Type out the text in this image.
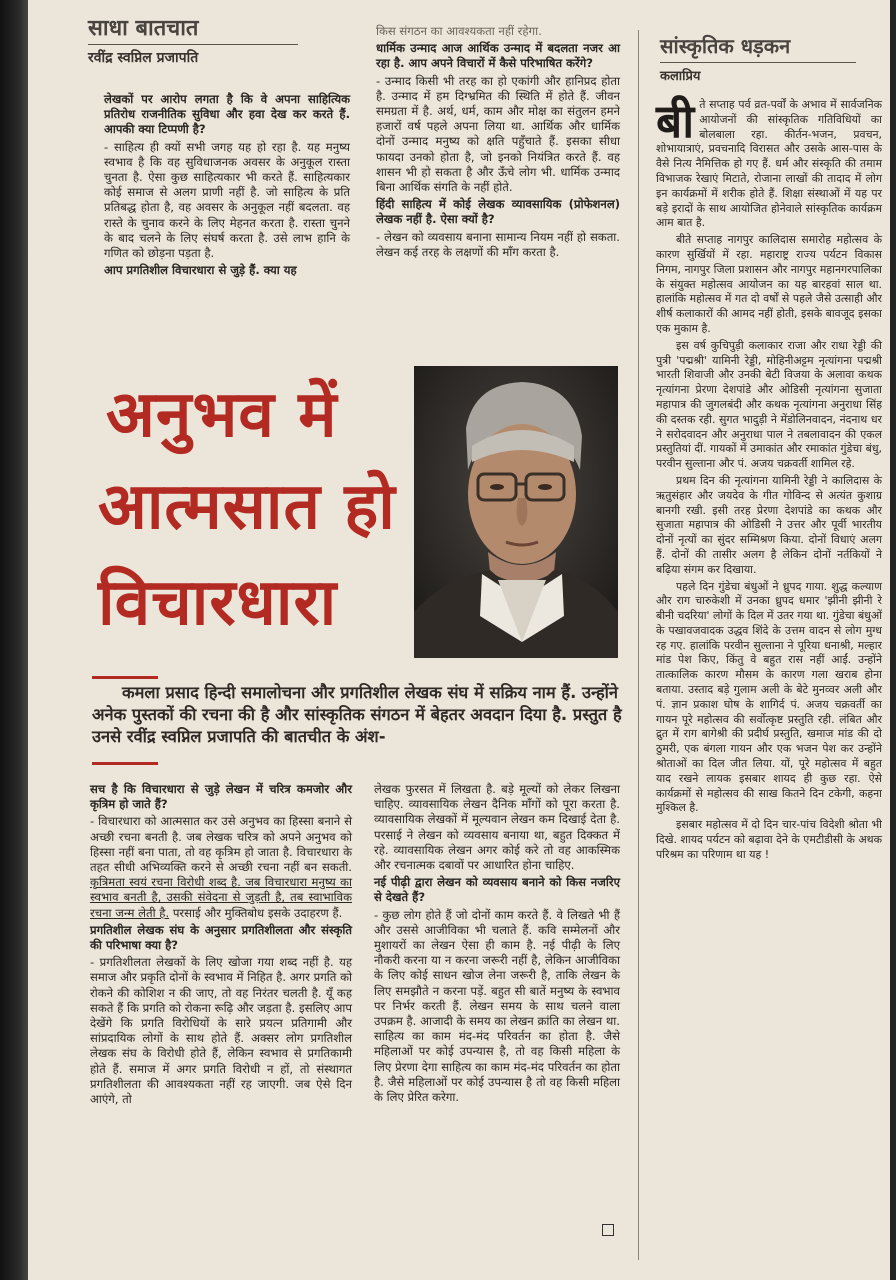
साधा बातचात
रवींद्र स्वप्निल प्रजापति

लेखकों पर आरोप लगता है कि वे अपना साहित्यिक प्रतिरोध राजनीतिक सुविधा और हवा देख कर करते हैं. आपकी क्या टिप्पणी है?

- साहित्य ही क्यों सभी जगह यह हो रहा है. यह मनुष्य स्वभाव है कि वह सुविधाजनक अवसर के अनुकूल रास्ता चुनता है. ऐसा कुछ साहित्यकार भी करते हैं. साहित्यकार कोई समाज से अलग प्राणी नहीं है. जो साहित्य के प्रति प्रतिबद्ध होता है, वह अवसर के अनुकूल नहीं बदलता. वह रास्ते के चुनाव करने के लिए मेहनत करता है. रास्ता चुनने के बाद चलने के लिए संघर्ष करता है. उसे लाभ हानि के गणित को छोड़ना पड़ता है.

आप प्रगतिशील विचारधारा से जुड़े हैं. क्या यह

किस संगठन का आवश्यकता नहीं रहेगा.

धार्मिक उन्माद आज आर्थिक उन्माद में बदलता नजर आ रहा है. आप अपने विचारों में कैसे परिभाषित करेंगे?

- उन्माद किसी भी तरह का हो एकांगी और हानिप्रद होता है. उन्माद में हम दिग्भ्रमित की स्थिति में होते हैं. जीवन समग्रता में है. अर्थ, धर्म, काम और मोक्ष का संतुलन हमने हजारों वर्ष पहले अपना लिया था. आर्थिक और धार्मिक दोनों उन्माद मनुष्य को क्षति पहुँचाते हैं. इसका सीधा फायदा उनको होता है, जो इनको नियंत्रित करते हैं. वह शासन भी हो सकता है और ऊँचे लोग भी. धार्मिक उन्माद बिना आर्थिक संगति के नहीं होते.

हिंदी साहित्य में कोई लेखक व्यावसायिक (प्रोफेशनल) लेखक नहीं है. ऐसा क्यों है?

- लेखन को व्यवसाय बनाना सामान्य नियम नहीं हो सकता. लेखन कई तरह के लक्षणों की माँग करता है.

अनुभव में
आत्मसात हो
विचारधारा
कमला प्रसाद हिन्दी समालोचना और प्रगतिशील लेखक संघ में सक्रिय नाम हैं. उन्होंने अनेक पुस्तकों की रचना की है और सांस्कृतिक संगठन में बेहतर अवदान दिया है. प्रस्तुत है उनसे रवींद्र स्वप्निल प्रजापति की बातचीत के अंश-

सच है कि विचारधारा से जुड़े लेखन में चरित्र कमजोर और कृत्रिम हो जाते हैं?

- विचारधारा को आत्मसात कर उसे अनुभव का हिस्सा बनाने से अच्छी रचना बनती है. जब लेखक चरित्र को अपने अनुभव को हिस्सा नहीं बना पाता, तो वह कृत्रिम हो जाता है. विचारधारा के तहत सीधी अभिव्यक्ति करने से अच्छी रचना नहीं बन सकती. कृत्रिमता स्वयं रचना विरोधी शब्द है. जब विचारधारा मनुष्य का स्वभाव बनती है, उसकी संवेदना से जुड़ती है, तब स्वाभाविक रचना जन्म लेती है. परसाई और मुक्तिबोध इसके उदाहरण हैं.

प्रगतिशील लेखक संघ के अनुसार प्रगतिशीलता और संस्कृति की परिभाषा क्या है?

- प्रगतिशीलता लेखकों के लिए खोजा गया शब्द नहीं है. यह समाज और प्रकृति दोनों के स्वभाव में निहित है. अगर प्रगति को रोकने की कोशिश न की जाए, तो वह निरंतर चलती है. यूँ कह सकते हैं कि प्रगति को रोकना रूढ़ि और जड़ता है. इसलिए आप देखेंगे कि प्रगति विरोधियों के सारे प्रयत्न प्रतिगामी और सांप्रदायिक लोगों के साथ होते हैं. अक्सर लोग प्रगतिशील लेखक संघ के विरोधी होते हैं, लेकिन स्वभाव से प्रगतिकामी होते हैं. समाज में अगर प्रगति विरोधी न हों, तो संस्थागत प्रगतिशीलता की आवश्यकता नहीं रह जाएगी. जब ऐसे दिन आएंगे, तो

लेखक फुरसत में लिखता है. बड़े मूल्यों को लेकर लिखना चाहिए. व्यावसायिक लेखन दैनिक माँगों को पूरा करता है. व्यावसायिक लेखकों में मूल्यवान लेखन कम दिखाई देता है. परसाई ने लेखन को व्यवसाय बनाया था, बहुत दिक्कत में रहे. व्यावसायिक लेखन अगर कोई करे तो वह आकस्मिक और रचनात्मक दबावों पर आधारित होना चाहिए.

नई पीढ़ी द्वारा लेखन को व्यवसाय बनाने को किस नजरिए से देखते हैं?

- कुछ लोग होते हैं जो दोनों काम करते हैं. वे लिखते भी हैं और उससे आजीविका भी चलाते हैं. कवि सम्मेलनों और मुशायरों का लेखन ऐसा ही काम है. नई पीढ़ी के लिए नौकरी करना या न करना जरूरी नहीं है, लेकिन आजीविका के लिए कोई साधन खोज लेना जरूरी है, ताकि लेखन के लिए समझौते न करना पड़ें. बहुत सी बातें मनुष्य के स्वभाव पर निर्भर करती हैं. लेखन समय के साथ चलने वाला उपक्रम है. आजादी के समय का लेखन क्रांति का लेखन था. साहित्य का काम मंद-मंद परिवर्तन का होता है. जैसे महिलाओं पर कोई उपन्यास है, तो वह किसी महिला के लिए प्रेरणा देगा साहित्य का काम मंद-मंद परिवर्तन का होता है. जैसे महिलाओं पर कोई उपन्यास है तो वह किसी महिला के लिए प्रेरित करेगा.

सांस्कृतिक धड़कन
कलाप्रिय

बी ते सप्ताह पर्व व्रत-पर्वों के अभाव में सार्वजनिक आयोजनों की सांस्कृतिक गतिविधियों का बोलबाला रहा. कीर्तन-भजन, प्रवचन, शोभायात्राएं, प्रवचनादि विरासत और उसके आस-पास के वैसे नित्य नैमित्तिक हो गए हैं. धर्म और संस्कृति की तमाम विभाजक रेखाएं मिटाते, रोजाना लाखों की तादाद में लोग इन कार्यक्रमों में शरीक होते हैं. शिक्षा संस्थाओं में यह पर बड़े इरादों के साथ आयोजित होनेवाले सांस्कृतिक कार्यक्रम आम बात है.

बीते सप्ताह नागपुर कालिदास समारोह महोत्सव के कारण सुर्खियों में रहा. महाराष्ट्र राज्य पर्यटन विकास निगम, नागपुर जिला प्रशासन और नागपुर महानगरपालिका के संयुक्त महोत्सव आयोजन का यह बारहवां साल था. हालांकि महोत्सव में गत दो वर्षों से पहले जैसे उत्साही और शीर्ष कलाकारों की आमद नहीं होती, इसके बावजूद इसका एक मुकाम है.

इस वर्ष कुचिपुड़ी कलाकार राजा और राधा रेड्डी की पुत्री 'पद्मश्री' यामिनी रेड्डी, मोहिनीअट्टम नृत्यांगना पद्मश्री भारती शिवाजी और उनकी बेटी विजया के अलावा कथक नृत्यांगना प्रेरणा देशपांडे और ओडिसी नृत्यांगना सुजाता महापात्र की जुगलबंदी और कथक नृत्यांगना अनुराधा सिंह की दस्तक रही. सुगत भादुड़ी ने मेंडोलिनवादन, नंदनाथ धर ने सरोदवादन और अनुराधा पाल ने तबलावादन की एकल प्रस्तुतियां दीं. गायकों में उमाकांत और रमाकांत गुंडेचा बंधु, परवीन सुल्ताना और पं. अजय चक्रवर्ती शामिल रहे.

प्रथम दिन की नृत्यांगना यामिनी रेड्डी ने कालिदास के ऋतुसंहार और जयदेव के गीत गोविन्द से अत्यंत कुशाग्र बानगी रखी. इसी तरह प्रेरणा देशपांडे का कथक और सुजाता महापात्र की ओडिसी ने उत्तर और पूर्वी भारतीय दोनों नृत्यों का सुंदर सम्मिश्रण किया. दोनों विधाएं अलग हैं. दोनों की तासीर अलग है लेकिन दोनों नर्तकियों ने बढ़िया संगम कर दिखाया.

पहले दिन गुंडेचा बंधुओं ने ध्रुपद गाया. शुद्ध कल्याण और राग चारुकेशी में उनका ध्रुपद धमार 'झीनी झीनी रे बीनी चदरिया' लोगों के दिल में उतर गया था. गुंडेचा बंधुओं के पखावजवादक उद्धव शिंदे के उत्तम वादन से लोग मुग्ध रह गए. हालांकि परवीन सुल्ताना ने पूरिया धनाश्री, मल्हार मांड पेश किए, किंतु वे बहुत रास नहीं आईं. उन्होंने तात्कालिक कारण मौसम के कारण गला खराब होना बताया. उस्ताद बड़े गुलाम अली के बेटे मुनव्वर अली और पं. ज्ञान प्रकाश घोष के शागिर्द पं. अजय चक्रवर्ती का गायन पूरे महोत्सव की सर्वोत्कृष्ट प्रस्तुति रही. लंबित और द्रुत में राग बागेश्री की प्रदीर्घ प्रस्तुति, खमाज मांड की दो ठुमरी, एक बंगला गायन और एक भजन पेश कर उन्होंने श्रोताओं का दिल जीत लिया. यों, पूरे महोत्सव में बहुत याद रखने लायक इसबार शायद ही कुछ रहा. ऐसे कार्यक्रमों से महोत्सव की साख कितने दिन टकेगी, कहना मुश्किल है.

इसबार महोत्सव में दो दिन चार-पांच विदेशी श्रोता भी दिखे. शायद पर्यटन को बढ़ावा देने के एमटीडीसी के अथक परिश्रम का परिणाम था यह !
